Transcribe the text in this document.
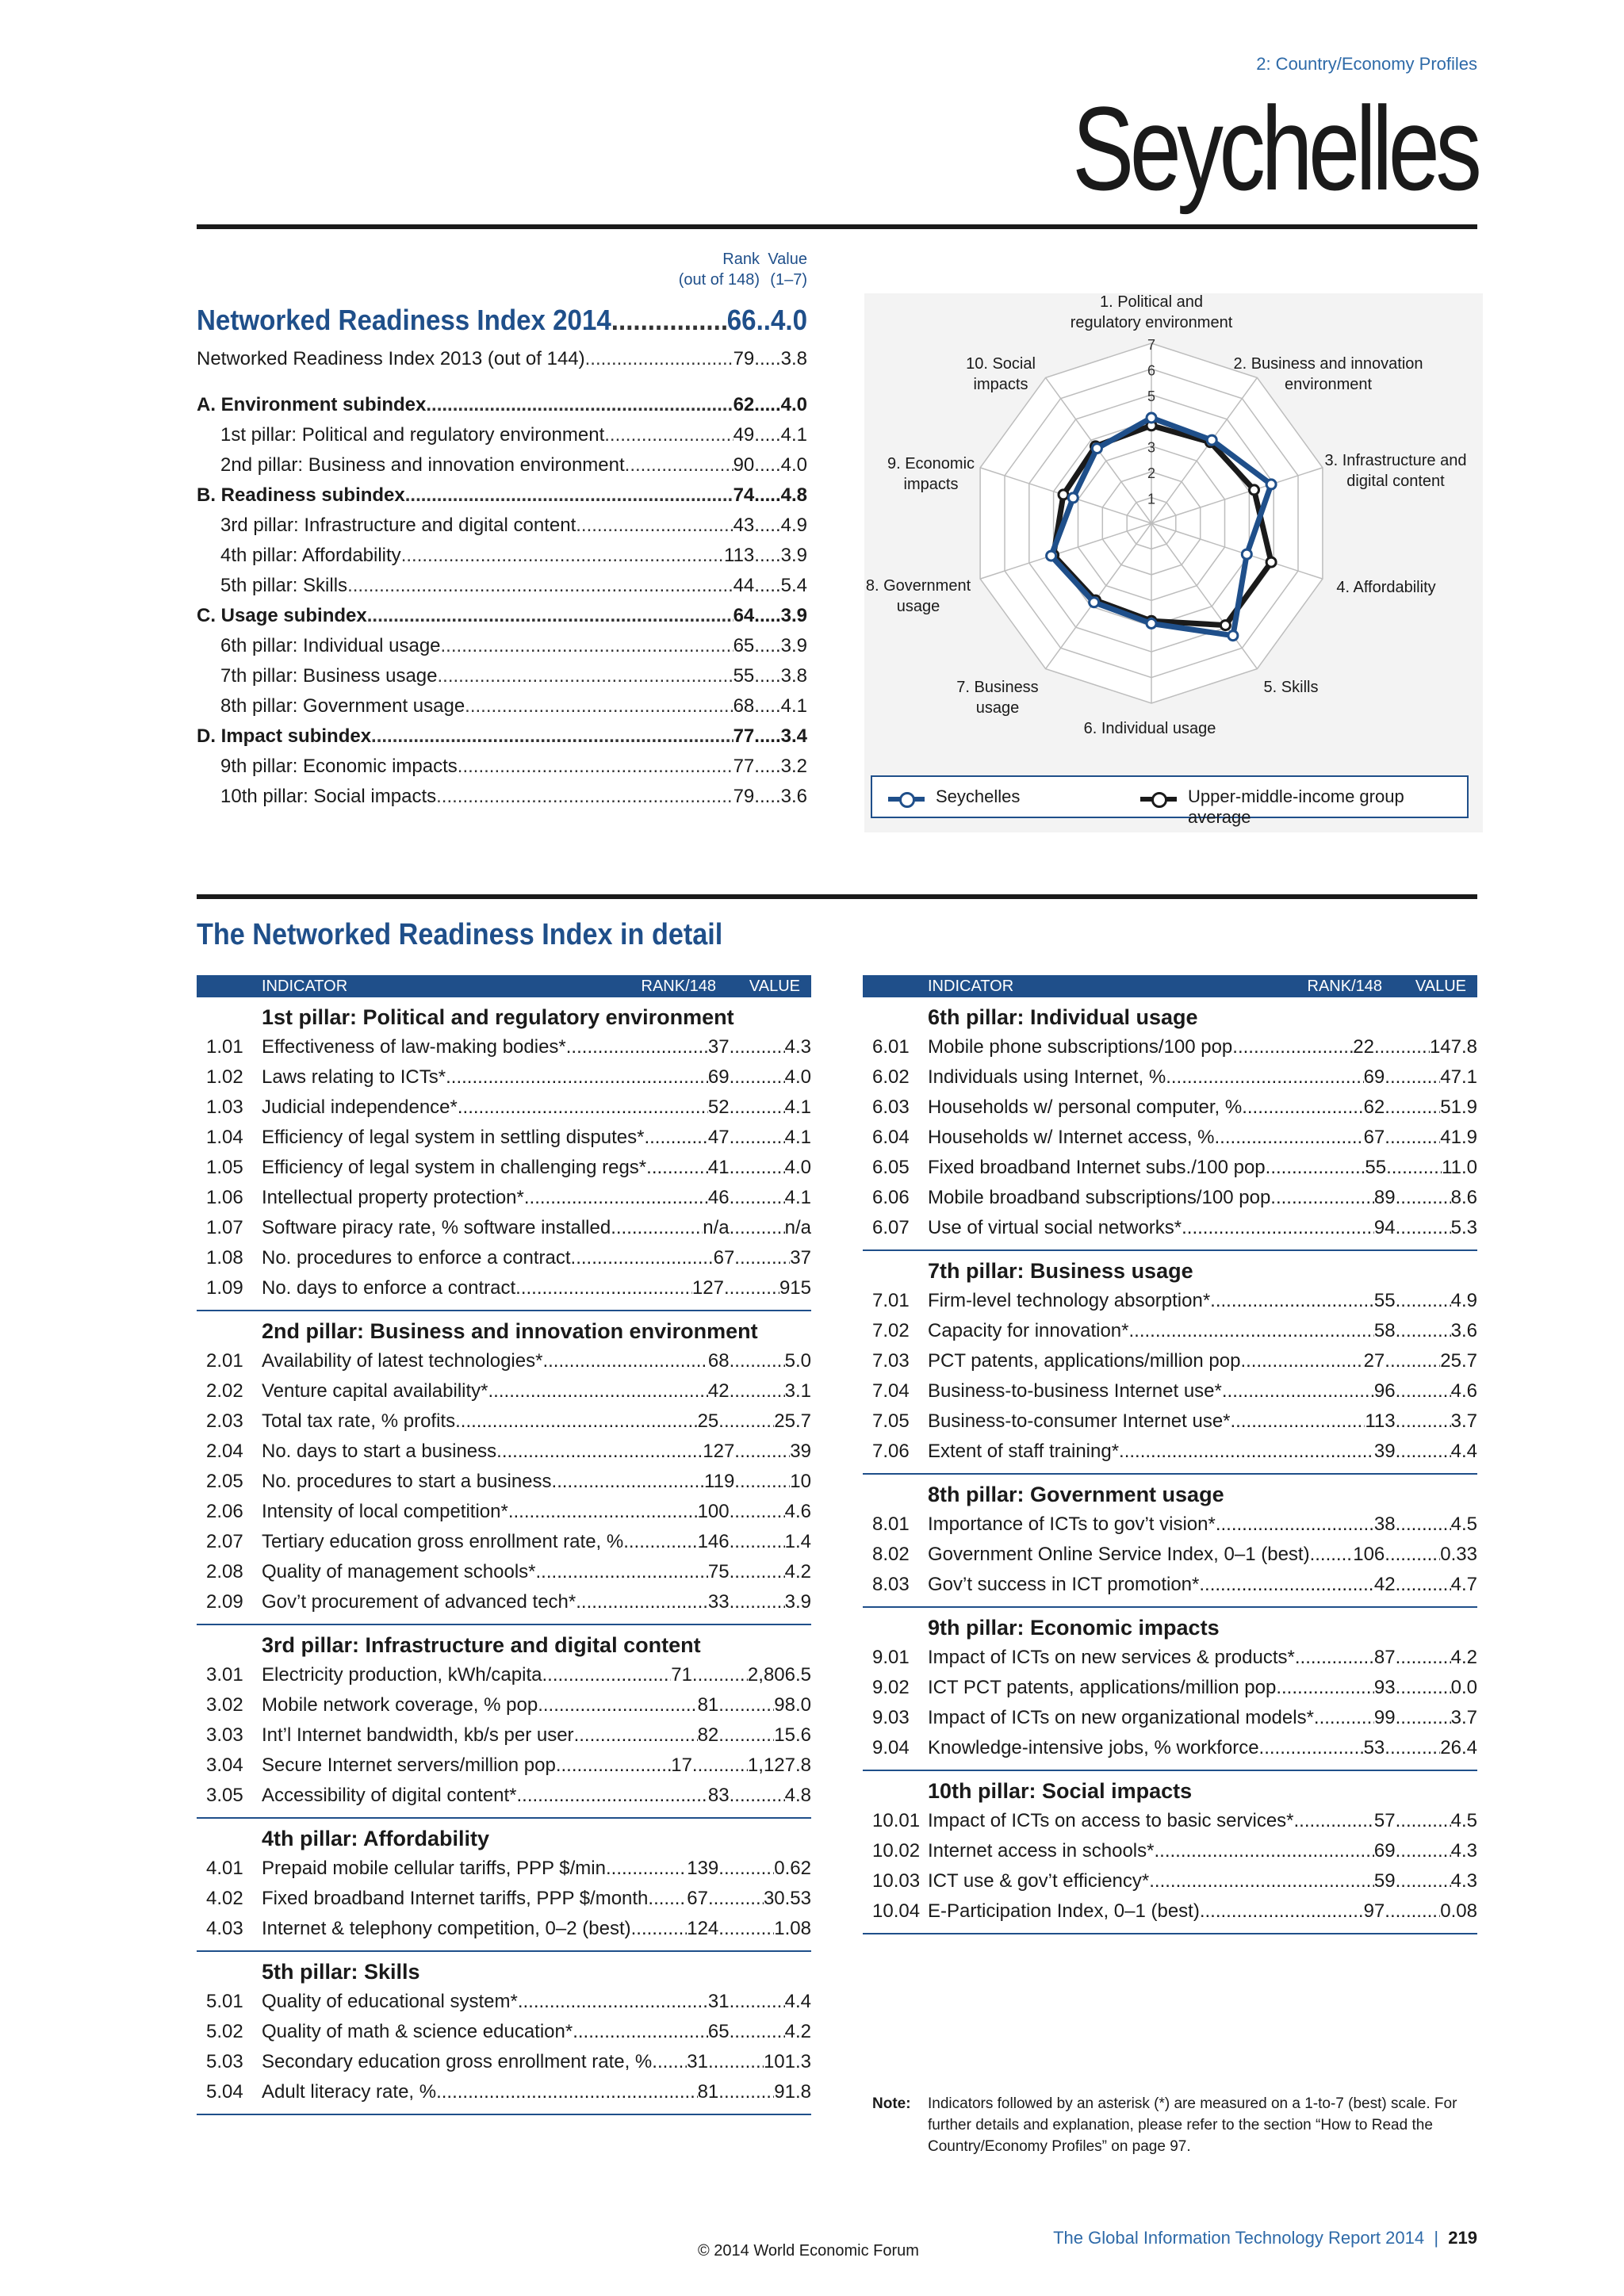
2: Country/Economy Profiles
Seychelles
Rank
(out of 148)
Value
(1–7)
Networked Readiness Index 2014 .....	66 .. 4.0
Networked Readiness Index 2013 (out of 144) .....	79 ..... 3.8
A. Environment subindex .....	62 ..... 4.0
1st pillar: Political and regulatory environment .....	49 ..... 4.1
2nd pillar: Business and innovation environment .....	90 ..... 4.0
B. Readiness subindex .....	74 ..... 4.8
3rd pillar: Infrastructure and digital content .....	43 ..... 4.9
4th pillar: Affordability .....	113 ..... 3.9
5th pillar: Skills .....	44 ..... 5.4
C. Usage subindex .....	64 ..... 3.9
6th pillar: Individual usage .....	65 ..... 3.9
7th pillar: Business usage .....	55 ..... 3.8
8th pillar: Government usage .....	68 ..... 4.1
D. Impact subindex .....	77 ..... 3.4
9th pillar: Economic impacts .....	77 ..... 3.2
10th pillar: Social impacts .....	79 ..... 3.6
1
2
3
5
6
7
1. Political and
regulatory environment
2. Business and innovation
environment
3. Infrastructure and
digital content
4. Affordability
5. Skills
6. Individual usage
7. Business
usage
8. Government
usage
9. Economic
impacts
10. Social
impacts
Seychelles	Upper-middle-income group average
The Networked Readiness Index in detail
INDICATOR	RANK/148 VALUE
1st pillar: Political and regulatory environment
1.01 Effectiveness of law-making bodies* .....	37 .....	4.3
1.02 Laws relating to ICTs* .....	69 .....	4.0
1.03 Judicial independence* .....	52 .....	4.1
1.04 Efficiency of legal system in settling disputes* .....	47 .....	4.1
1.05 Efficiency of legal system in challenging regs* .....	41 .....	4.0
1.06 Intellectual property protection* .....	46 .....	4.1
1.07 Software piracy rate, % software installed .....	n/a .....	n/a
1.08 No. procedures to enforce a contract .....	67 .....	37
1.09 No. days to enforce a contract .....	127 .....	915
2nd pillar: Business and innovation environment
2.01 Availability of latest technologies* .....	68 .....	5.0
2.02 Venture capital availability* .....	42 .....	3.1
2.03 Total tax rate, % profits .....	25 .....	25.7
2.04 No. days to start a business .....	127 .....	39
2.05 No. procedures to start a business .....	119 .....	10
2.06 Intensity of local competition* .....	100 .....	4.6
2.07 Tertiary education gross enrollment rate, % .....	146 .....	1.4
2.08 Quality of management schools* .....	75 .....	4.2
2.09 Gov’t procurement of advanced tech* .....	33 .....	3.9
3rd pillar: Infrastructure and digital content
3.01 Electricity production, kWh/capita .....	71 .....	2,806.5
3.02 Mobile network coverage, % pop. .....	81 .....	98.0
3.03 Int’l Internet bandwidth, kb/s per user .....	82 .....	15.6
3.04 Secure Internet servers/million pop. .....	17 .....	1,127.8
3.05 Accessibility of digital content* .....	83 .....	4.8
4th pillar: Affordability
4.01 Prepaid mobile cellular tariffs, PPP $/min. .....	139 .....	0.62
4.02 Fixed broadband Internet tariffs, PPP $/month ..... 67 .....	30.53
4.03 Internet & telephony competition, 0–2 (best) .....	124 .....	1.08
5th pillar: Skills
5.01 Quality of educational system* .....	31 .....	4.4
5.02 Quality of math & science education* .....	65 .....	4.2
5.03 Secondary education gross enrollment rate, % ..... 31 .....	101.3
5.04 Adult literacy rate, % .....	81 .....	91.8
INDICATOR	RANK/148 VALUE
6th pillar: Individual usage
6.01 Mobile phone subscriptions/100 pop. .....	22 .....	147.8
6.02 Individuals using Internet, % .....	69 .....	47.1
6.03 Households w/ personal computer, % .....	62 .....	51.9
6.04 Households w/ Internet access, % .....	67 .....	41.9
6.05 Fixed broadband Internet subs./100 pop. .....	55 .....	11.0
6.06 Mobile broadband subscriptions/100 pop. .....	89 .....	8.6
6.07 Use of virtual social networks* .....	94 .....	5.3
7th pillar: Business usage
7.01 Firm-level technology absorption* .....	55 .....	4.9
7.02 Capacity for innovation* .....	58 .....	3.6
7.03 PCT patents, applications/million pop. .....	27 .....	25.7
7.04 Business-to-business Internet use* .....	96 .....	4.6
7.05 Business-to-consumer Internet use* .....	113 .....	3.7
7.06 Extent of staff training* .....	39 .....	4.4
8th pillar: Government usage
8.01 Importance of ICTs to gov’t vision* .....	38 .....	4.5
8.02 Government Online Service Index, 0–1 (best) ..... 106 .....	0.33
8.03 Gov’t success in ICT promotion* .....	42 .....	4.7
9th pillar: Economic impacts
9.01 Impact of ICTs on new services & products* .....	87 .....	4.2
9.02 ICT PCT patents, applications/million pop. .....	93 .....	0.0
9.03 Impact of ICTs on new organizational models* .....	99 .....	3.7
9.04 Knowledge-intensive jobs, % workforce .....	53 .....	26.4
10th pillar: Social impacts
10.01 Impact of ICTs on access to basic services* .....	57 .....	4.5
10.02 Internet access in schools* .....	69 .....	4.3
10.03 ICT use & gov’t efficiency* .....	59 .....	4.3
10.04 E-Participation Index, 0–1 (best) .....	97 .....	0.08
Note: Indicators followed by an asterisk (*) are measured on a 1-to-7 (best) scale. For further details and explanation, please refer to the section “How to Read the Country/Economy Profiles” on page 97.
The Global Information Technology Report 2014  |  219
© 2014 World Economic Forum
